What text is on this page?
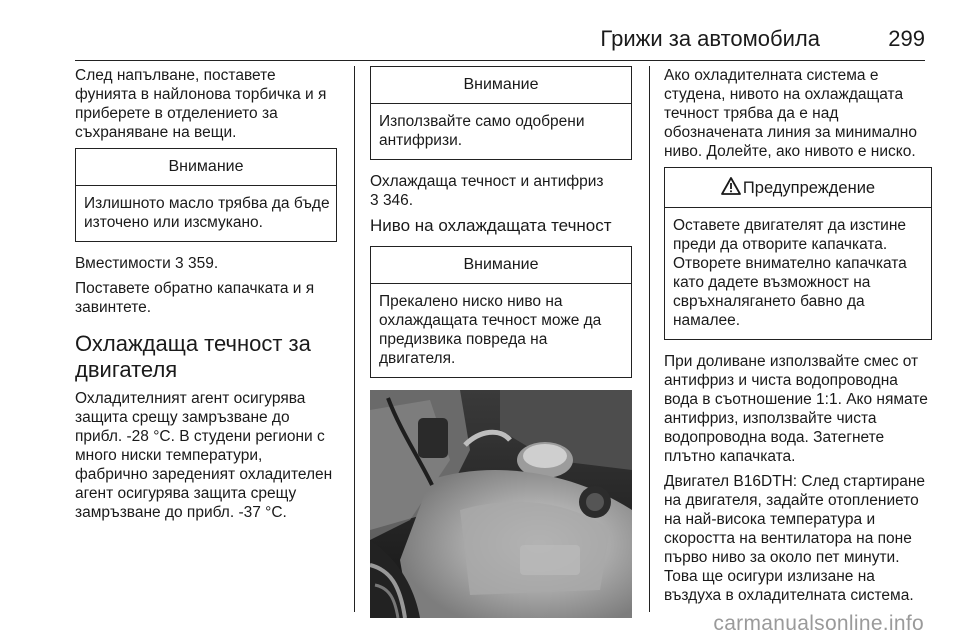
Грижи за автомобила	299

След напълване, поставете фунията в найлонова торбичка и я приберете в отделението за съхраняване на вещи.

Внимание
Излишното масло трябва да бъде източено или изсмукано.

Вместимости 3 359.

Поставете обратно капачката и я завинтете.

Охлаждаща течност за двигателя

Охладителният агент осигурява защита срещу замръзване до прибл. -28 °C. В студени региони с много ниски температури, фабрично зареденият охладителен агент осигурява защита срещу замръзване до прибл. -37 °C.

Внимание
Използвайте само одобрени антифризи.

Охлаждаща течност и антифриз
3 346.

Ниво на охлаждащата течност
Внимание
Прекалено ниско ниво на охлаждащата течност може да предизвика повреда на двигателя.

Ако охладителната система е студена, нивото на охлаждащата течност трябва да е над обозначената линия за минимално ниво. Долейте, ако нивото е ниско.

Предупреждение
Оставете двигателят да изстине преди да отворите капачката. Отворете внимателно капачката като дадете възможност на свръхналягането бавно да намалее.

При доливане използвайте смес от антифриз и чиста водопроводна вода в съотношение 1:1. Ако нямате антифриз, използвайте чиста водопроводна вода. Затегнете плътно капачката.

Двигател B16DTH: След стартиране на двигателя, задайте отоплението на най-висока температура и скоростта на вентилатора на поне първо ниво за около пет минути. Това ще осигури излизане на въздуха в охладителната система.

carmanualsonline.info
